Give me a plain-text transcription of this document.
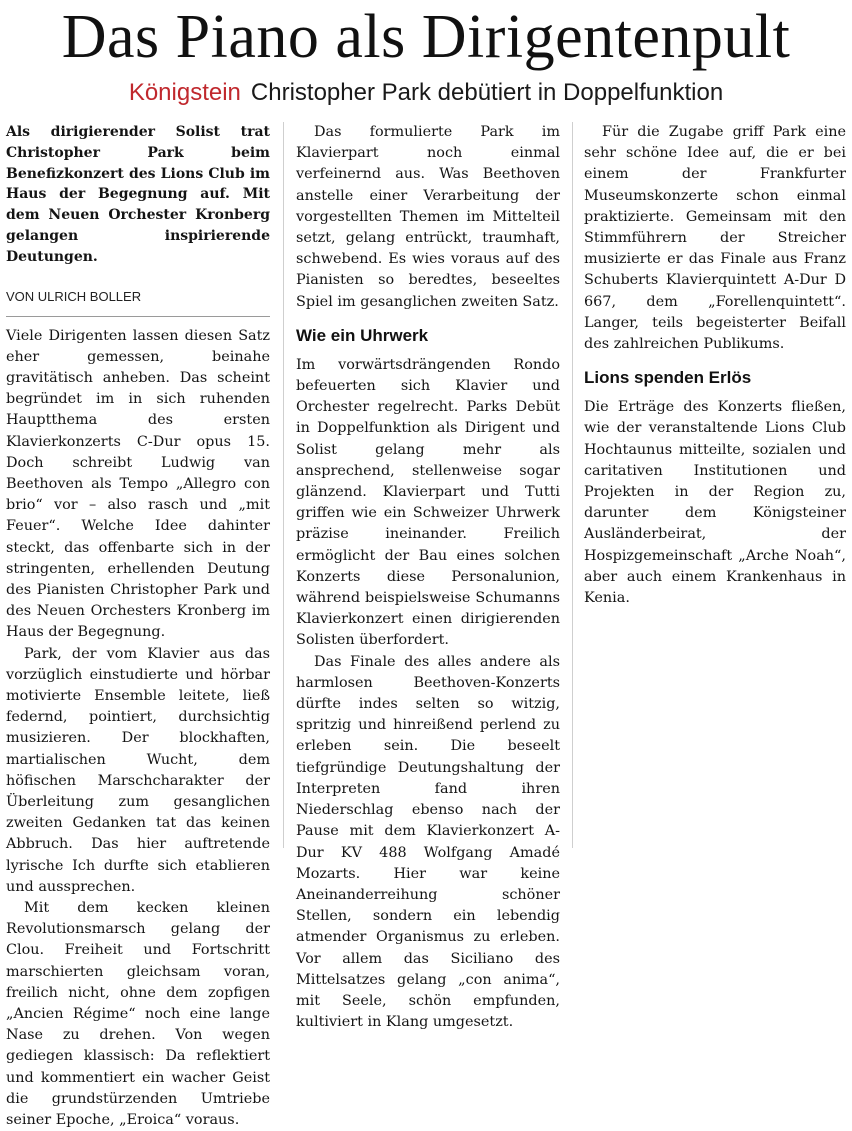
Das Piano als Dirigentenpult
Königstein Christopher Park debütiert in Doppelfunktion

Als dirigierender Solist trat Christopher Park beim Benefizkonzert des Lions Club im Haus der Begegnung auf. Mit dem Neuen Orchester Kronberg gelangen inspirierende Deutungen.

VON ULRICH BOLLER

Viele Dirigenten lassen diesen Satz eher gemessen, beinahe gravitätisch anheben. Das scheint begründet im in sich ruhenden Hauptthema des ersten Klavierkonzerts C-Dur opus 15. Doch schreibt Ludwig van Beethoven als Tempo „Allegro con brio“ vor – also rasch und „mit Feuer“. Welche Idee dahinter steckt, das offenbarte sich in der stringenten, erhellenden Deutung des Pianisten Christopher Park und des Neuen Orchesters Kronberg im Haus der Begegnung.

Park, der vom Klavier aus das vorzüglich einstudierte und hörbar motivierte Ensemble leitete, ließ federnd, pointiert, durchsichtig musizieren. Der blockhaften, martialischen Wucht, dem höfischen Marschcharakter der Überleitung zum gesanglichen zweiten Gedanken tat das keinen Abbruch. Das hier auftretende lyrische Ich durfte sich etablieren und aussprechen.

Mit dem kecken kleinen Revolutionsmarsch gelang der Clou. Freiheit und Fortschritt marschierten gleichsam voran, freilich nicht, ohne dem zopfigen „Ancien Régime“ noch eine lange Nase zu drehen. Von wegen gediegen klassisch: Da reflektiert und kommentiert ein wacher Geist die grundstürzenden Umtriebe seiner Epoche, „Eroica“ voraus.

Das formulierte Park im Klavierpart noch einmal verfeinernd aus. Was Beethoven anstelle einer Verarbeitung der vorgestellten Themen im Mittelteil setzt, gelang entrückt, traumhaft, schwebend. Es wies voraus auf des Pianisten so beredtes, beseeltes Spiel im gesanglichen zweiten Satz.

Wie ein Uhrwerk

Im vorwärtsdrängenden Rondo befeuerten sich Klavier und Orchester regelrecht. Parks Debüt in Doppelfunktion als Dirigent und Solist gelang mehr als ansprechend, stellenweise sogar glänzend. Klavierpart und Tutti griffen wie ein Schweizer Uhrwerk präzise ineinander. Freilich ermöglicht der Bau eines solchen Konzerts diese Personalunion, während beispielsweise Schumanns Klavierkonzert einen dirigierenden Solisten überfordert.

Das Finale des alles andere als harmlosen Beethoven-Konzerts dürfte indes selten so witzig, spritzig und hinreißend perlend zu erleben sein. Die beseelt tiefgründige Deutungshaltung der Interpreten fand ihren Niederschlag ebenso nach der Pause mit dem Klavierkonzert A-Dur KV 488 Wolfgang Amadé Mozarts. Hier war keine Aneinanderreihung schöner Stellen, sondern ein lebendig atmender Organismus zu erleben. Vor allem das Siciliano des Mittelsatzes gelang „con anima“, mit Seele, schön empfunden, kultiviert in Klang umgesetzt.

Für die Zugabe griff Park eine sehr schöne Idee auf, die er bei einem der Frankfurter Museumskonzerte schon einmal praktizierte. Gemeinsam mit den Stimmführern der Streicher musizierte er das Finale aus Franz Schuberts Klavierquintett A-Dur D 667, dem „Forellenquintett“. Langer, teils begeisterter Beifall des zahlreichen Publikums.

Lions spenden Erlös

Die Erträge des Konzerts fließen, wie der veranstaltende Lions Club Hochtaunus mitteilte, sozialen und caritativen Institutionen und Projekten in der Region zu, darunter dem Königsteiner Ausländerbeirat, der Hospizgemeinschaft „Arche Noah“, aber auch einem Krankenhaus in Kenia.
